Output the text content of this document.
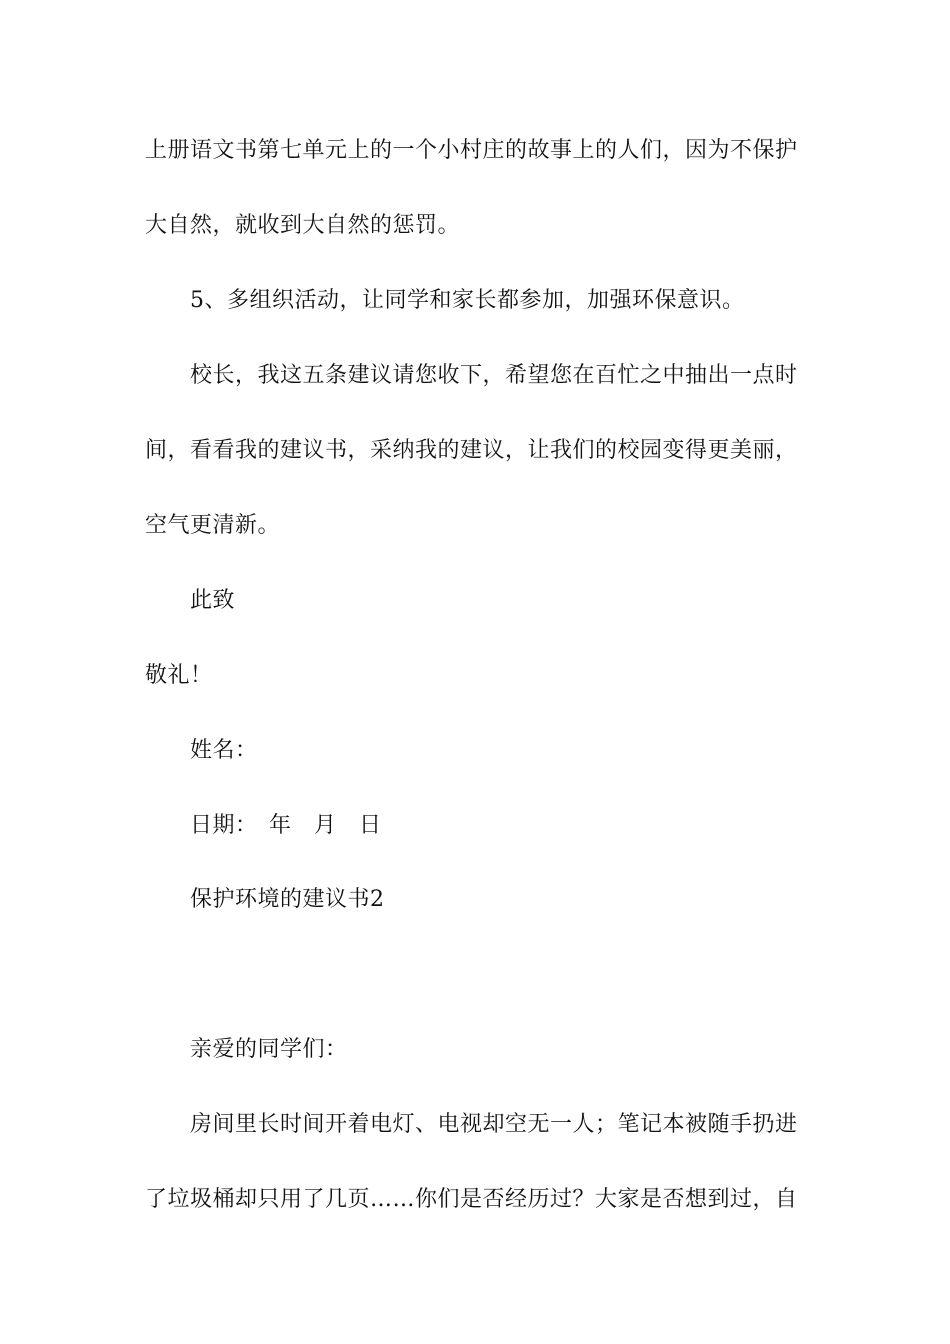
上册语文书第七单元上的一个小村庄的故事上的人们，因为不保护
大自然，就收到大自然的惩罚。
5、多组织活动，让同学和家长都参加，加强环保意识。
校长，我这五条建议请您收下，希望您在百忙之中抽出一点时
间，看看我的建议书，采纳我的建议，让我们的校园变得更美丽，
空气更清新。
此致
敬礼！
姓名：
日期：　年　月　日
保护环境的建议书2
亲爱的同学们：
房间里长时间开着电灯、电视却空无一人；笔记本被随手扔进
了垃圾桶却只用了几页……你们是否经历过？大家是否想到过，自
